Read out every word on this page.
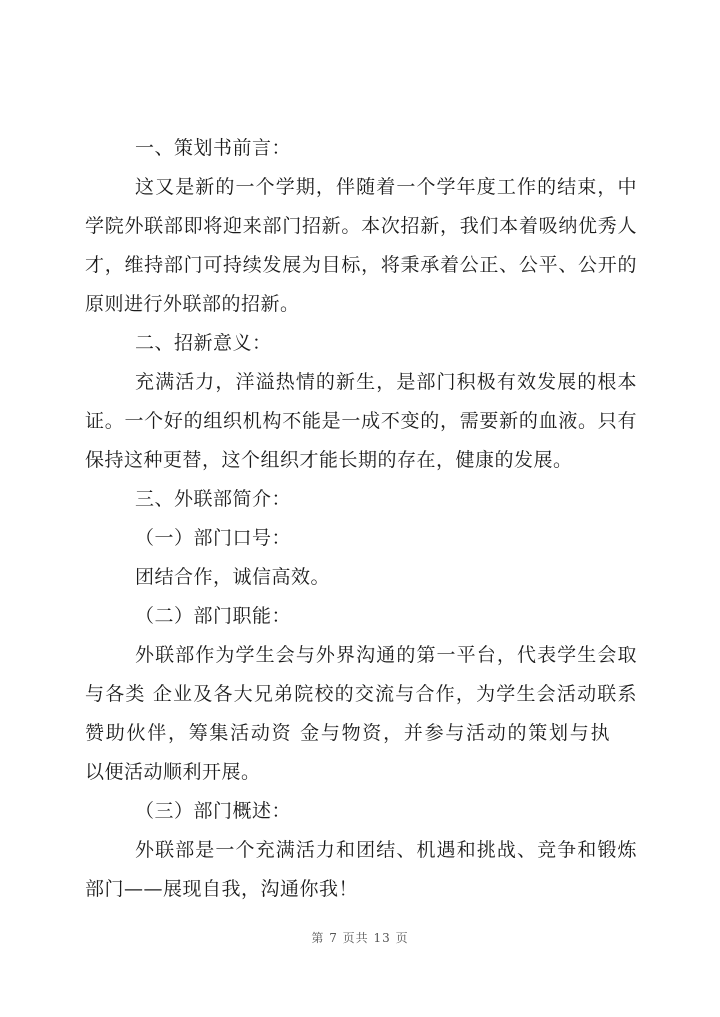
一、策划书前言：
这又是新的一个学期，伴随着一个学年度工作的结束，中
学院外联部即将迎来部门招新。本次招新，我们本着吸纳优秀人
才，维持部门可持续发展为目标，将秉承着公正、公平、公开的
原则进行外联部的招新。
二、招新意义：
充满活力，洋溢热情的新生，是部门积极有效发展的根本
证。一个好的组织机构不能是一成不变的，需要新的血液。只有
保持这种更替，这个组织才能长期的存在，健康的发展。
三、外联部简介：
（一）部门口号：
团结合作，诚信高效。
（二）部门职能：
外联部作为学生会与外界沟通的第一平台，代表学生会取
与各类 企业及各大兄弟院校的交流与合作，为学生会活动联系
赞助伙伴，筹集活动资 金与物资，并参与活动的策划与执
以便活动顺利开展。
（三）部门概述：
外联部是一个充满活力和团结、机遇和挑战、竞争和锻炼
部门——展现自我，沟通你我！
第 7 页共 13 页
